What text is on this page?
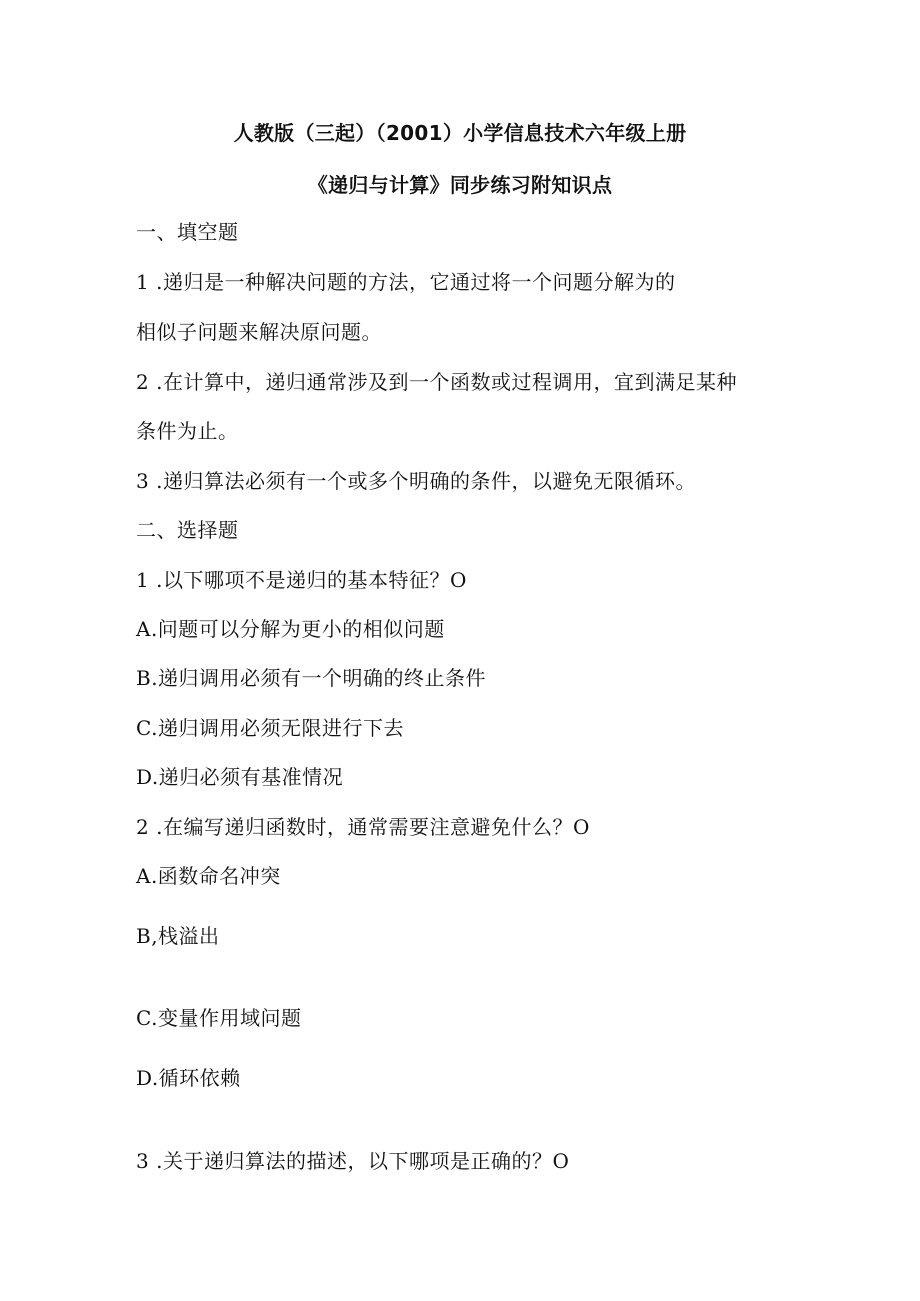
人教版（三起）（2001）小学信息技术六年级上册

《递归与计算》同步练习附知识点

一、填空题

1 .递归是一种解决问题的方法，它通过将一个问题分解为的

相似子问题来解决原问题。

2 .在计算中，递归通常涉及到一个函数或过程调用，宜到满足某种

条件为止。

3 .递归算法必须有一个或多个明确的条件，以避免无限循环。

二、选择题

1 .以下哪项不是递归的基本特征？O

A.问题可以分解为更小的相似问题

B.递归调用必须有一个明确的终止条件

C.递归调用必须无限进行下去

D.递归必须有基准情况

2 .在编写递归函数时，通常需要注意避免什么？O

A.函数命名冲突

B,栈溢出

C.变量作用域问题

D.循环依赖

3 .关于递归算法的描述，以下哪项是正确的？O
